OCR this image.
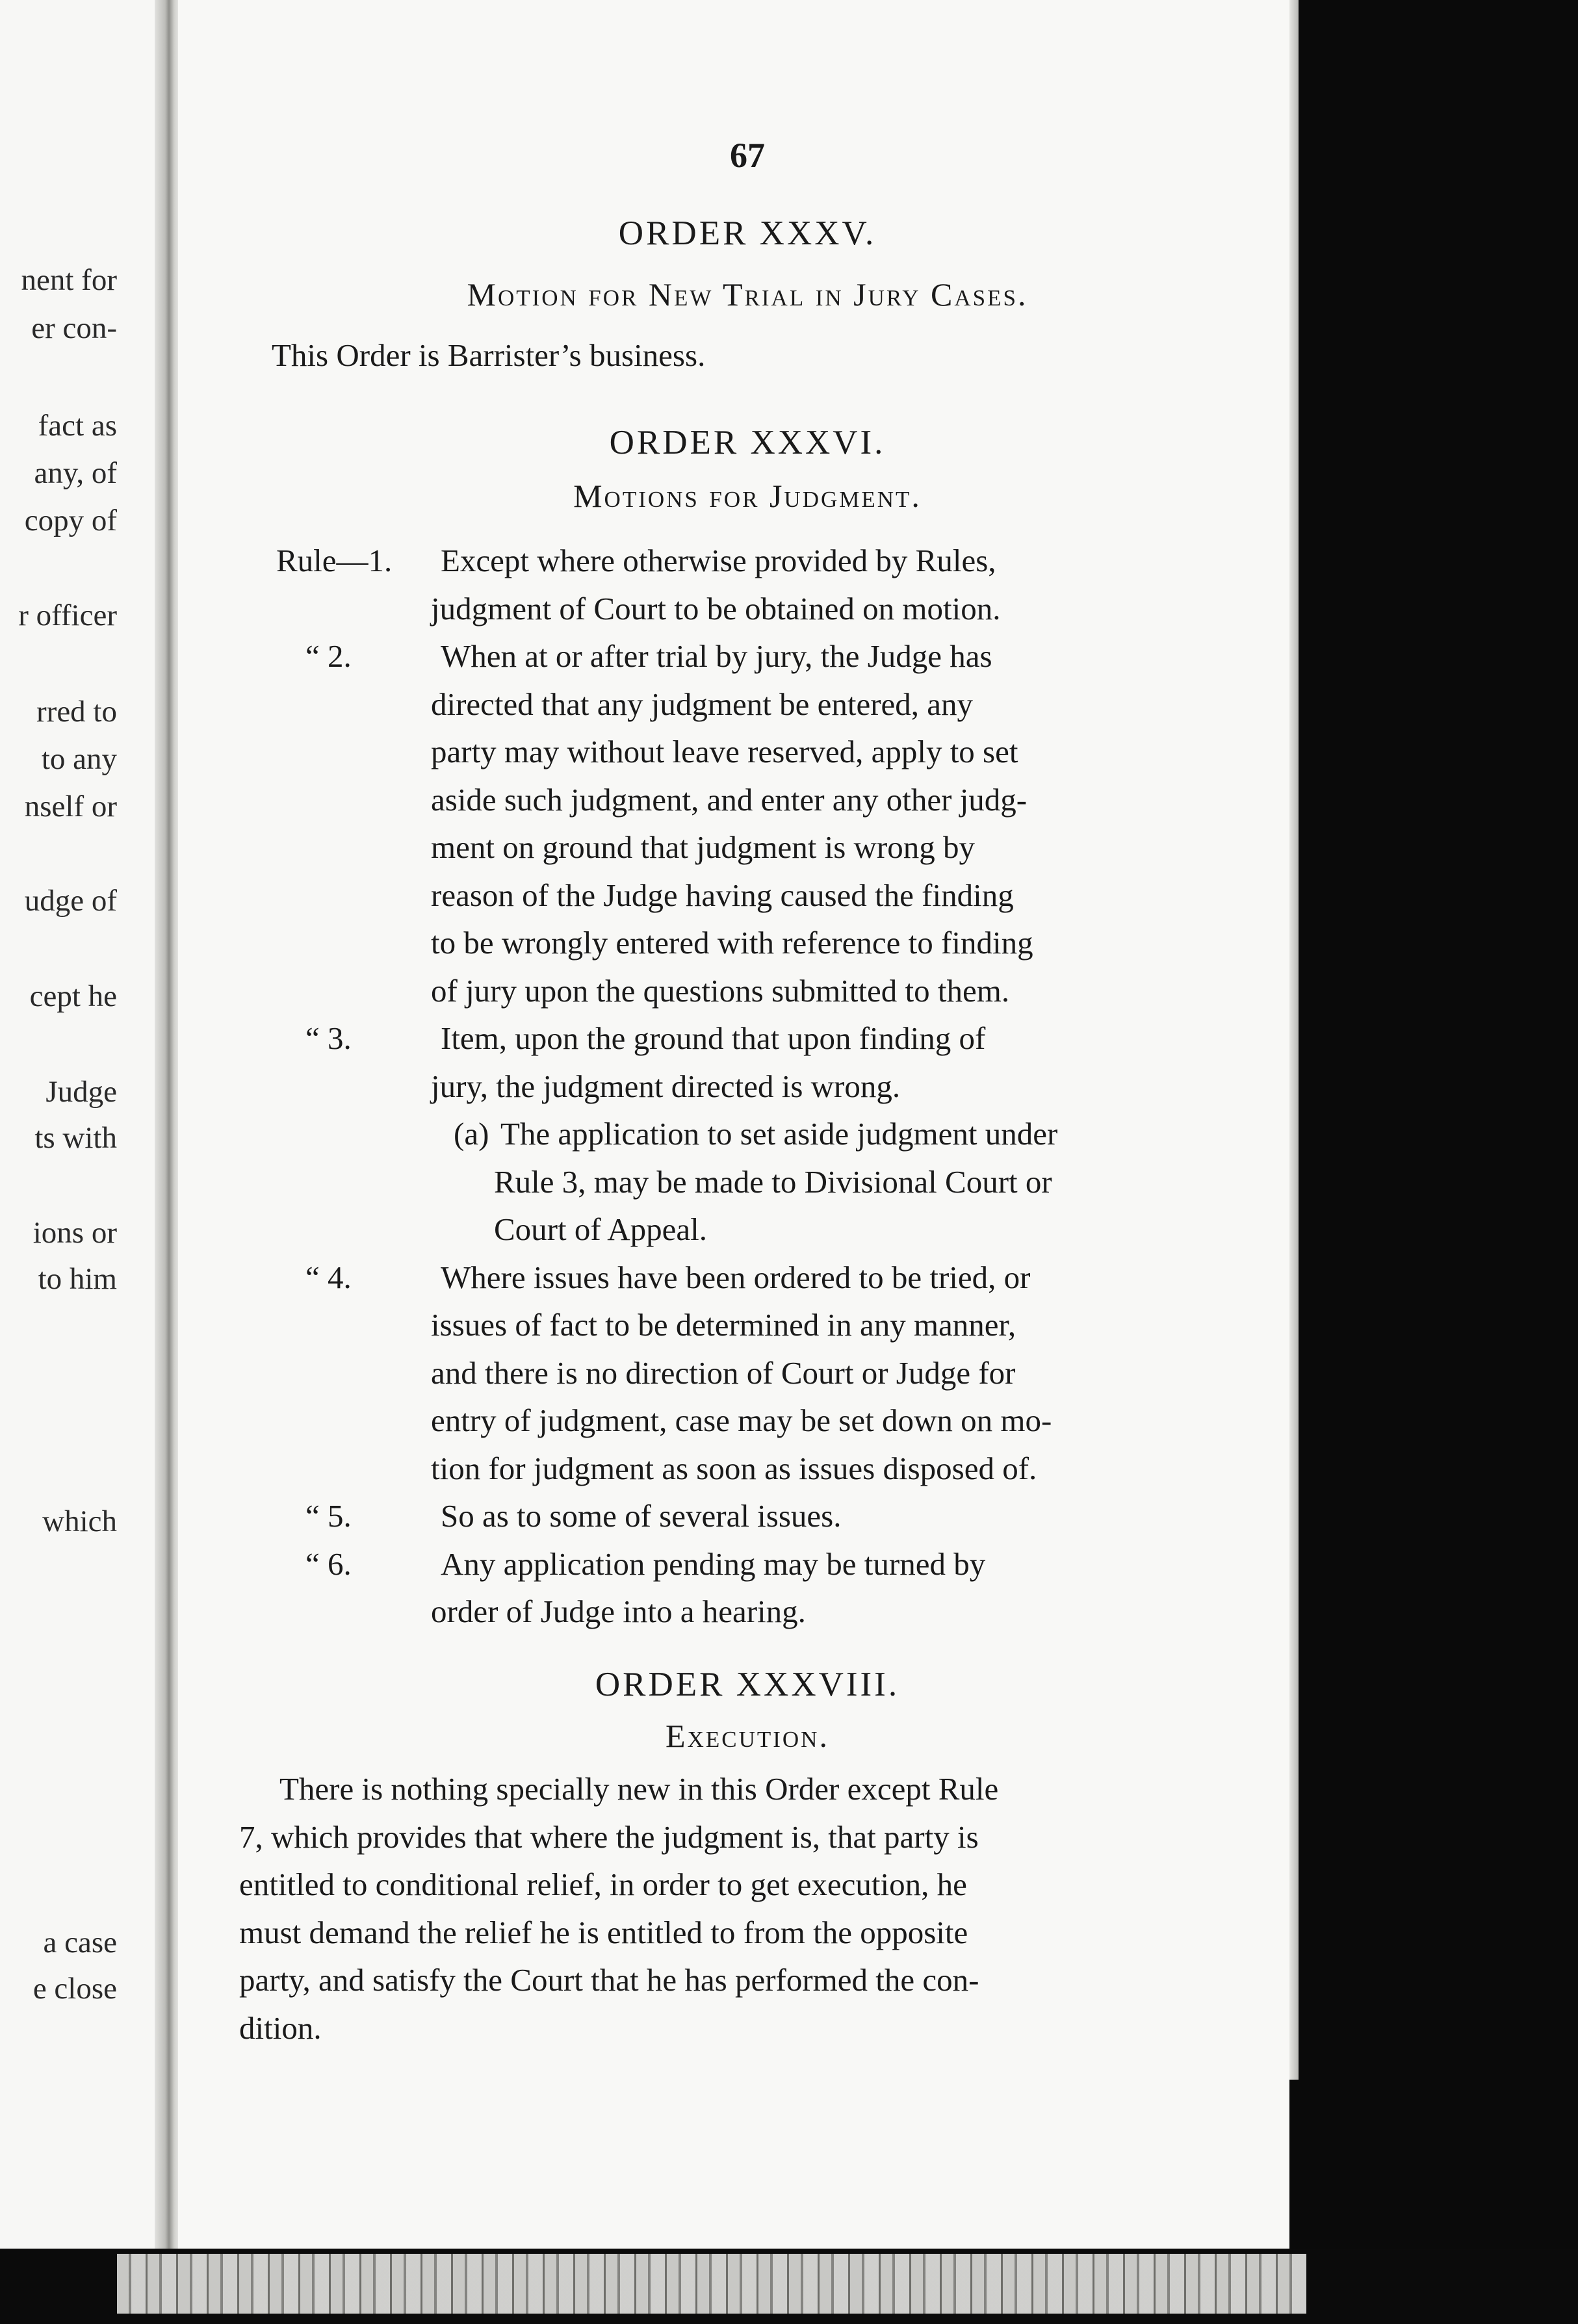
nent for
er con-
fact as
any, of
copy of
r officer
rred to
to any
nself or
udge of
cept he
Judge
ts with
ions or
to him
which
a case
e close
67
ORDER XXXV.
Motion for New Trial in Jury Cases.
This Order is Barrister’s business.
ORDER XXXVI.
Motions for Judgment.
Rule—1. Except where otherwise provided by Rules,
judgment of Court to be obtained on motion.
“ 2.	When at or after trial by jury, the Judge has
directed that any judgment be entered, any
party may without leave reserved, apply to set
aside such judgment, and enter any other judg-
ment on ground that judgment is wrong by
reason of the Judge having caused the finding
to be wrongly entered with reference to finding
of jury upon the questions submitted to them.
“ 3.	Item, upon the ground that upon finding of
jury, the judgment directed is wrong.
(a) The application to set aside judgment under
Rule 3, may be made to Divisional Court or
Court of Appeal.
“ 4.	Where issues have been ordered to be tried, or
issues of fact to be determined in any manner,
and there is no direction of Court or Judge for
entry of judgment, case may be set down on mo-
tion for judgment as soon as issues disposed of.
“ 5.	So as to some of several issues.
“ 6.	Any application pending may be turned by
order of Judge into a hearing.
ORDER XXXVIII.
Execution.
There is nothing specially new in this Order except Rule
7, which provides that where the judgment is, that party is
entitled to conditional relief, in order to get execution, he
must demand the relief he is entitled to from the opposite
party, and satisfy the Court that he has performed the con-
dition.
